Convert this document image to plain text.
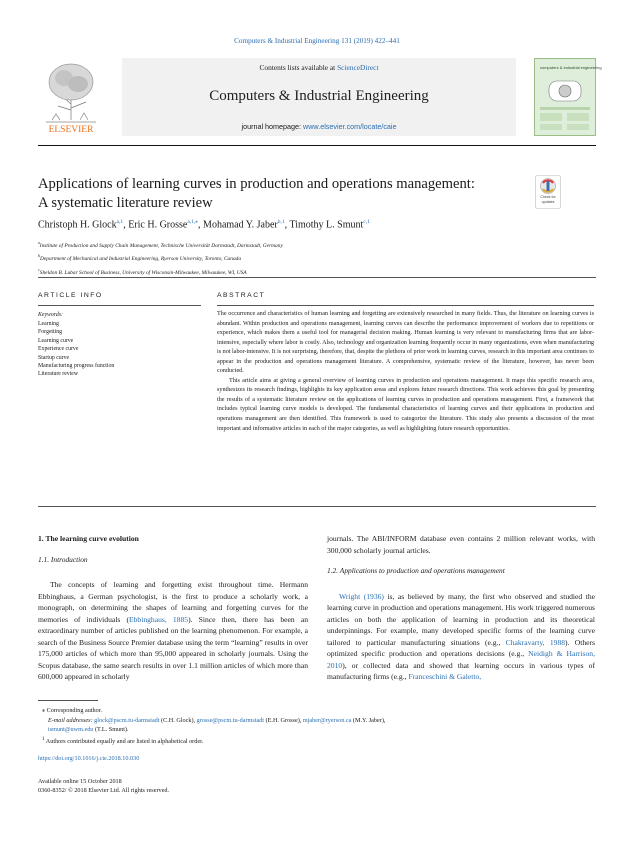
Computers & Industrial Engineering 131 (2019) 422–441
ELSEVIER
Contents lists available at ScienceDirect
Computers & Industrial Engineering
journal homepage: www.elsevier.com/locate/caie
computers & industrial engineering
Applications of learning curves in production and operations management:
A systematic literature review	Check for updates
Christoph H. Glock$^{a,1}$, Eric H. Grosse$^{a,1,⁎}$, Mohamad Y. Jaber$^{b,1}$, Timothy L. Smunt$^{c,1}$
$^a$Institute of Production and Supply Chain Management, Technische Universität Darmstadt, Darmstadt, Germany
$^b$Department of Mechanical and Industrial Engineering, Ryerson University, Toronto, Canada
$^c$Sheldon B. Lubar School of Business, University of Wisconsin-Milwaukee, Milwaukee, WI, USA
ARTICLE INFO
Keywords:
Learning
Forgetting
Learning curve
Experience curve
Startup curve
Manufacturing progress function
Literature review
ABSTRACT

The occurrence and characteristics of human learning and forgetting are extensively researched in many fields. Thus, the literature on learning curves is abundant. Within production and operations management, learning curves can describe the performance improvement of workers due to repetitions or experience, which makes them a useful tool for managerial decision making. Human learning is very relevant to manufacturing firms that are labor-intensive, especially where labor is costly. Also, technology and organization learning frequently occur in many organizations, even when manufacturing is not labor-intensive. It is not surprising, therefore, that, despite the plethora of prior work in learning curves, research in this important area continues to appear in the production and operations management literature. A comprehensive, systematic review of the literature, however, has never been conducted.

This article aims at giving a general overview of learning curves in production and operations management. It maps this specific research area, synthesizes its research findings, highlights its key application areas and explores future research directions. This work achieves this goal by presenting the results of a systematic literature review on the applications of learning curves in production and operations management. First, a framework that includes typical learning curve models is developed. The fundamental characteristics of learning curves and their applications in production and operations management are then identified. This framework is used to categorize the literature. This study also presents a discussion of the most important and informative articles in each of the major categories, as well as highlighting future research opportunities.

1. The learning curve evolution
1.1. Introduction

The concepts of learning and forgetting exist throughout time. Hermann Ebbinghaus, a German psychologist, is the first to produce a scholarly work, a monograph, on determining the shapes of learning and forgetting curves for the memories of individuals (Ebbinghaus, 1885). Since then, there has been an extraordinary number of articles published on the learning phenomenon. For example, a search of the Business Source Premier database using the term “learning” results in over 175,000 articles of which more than 95,000 appeared in scholarly journals. Using the Scopus database, the same search results in over 1.1 million articles of which more than 600,000 appeared in scholarly

journals. The ABI/INFORM database even contains 2 million relevant works, with 300,000 scholarly journal articles.

1.2. Applications to production and operations management

Wright (1936) is, as believed by many, the first who observed and studied the learning curve in production and operations management. His work triggered numerous articles on both the application of learning in production and its theoretical underpinnings. For example, many developed specific forms of the learning curve tailored to particular manufacturing situations (e.g., Chakravarty, 1988). Others optimized specific production and operations decisions (e.g., Neidigh & Harrison, 2010), or collected data and showed that learning occurs in various types of manufacturing firms (e.g., Franceschini & Galetto,

⁎ Corresponding author.
E-mail addresses: glock@pscm.tu-darmstadt (C.H. Glock), grosse@pscm.tu-darmstadt (E.H. Grosse), mjaber@ryerson.ca (M.Y. Jaber),
tsmunt@uwm.edu (T.L. Smunt).
$^1$ Authors contributed equally and are listed in alphabetical order.
https://doi.org/10.1016/j.cie.2018.10.030
Available online 15 October 2018
0360-8352/ © 2018 Elsevier Ltd. All rights reserved.
